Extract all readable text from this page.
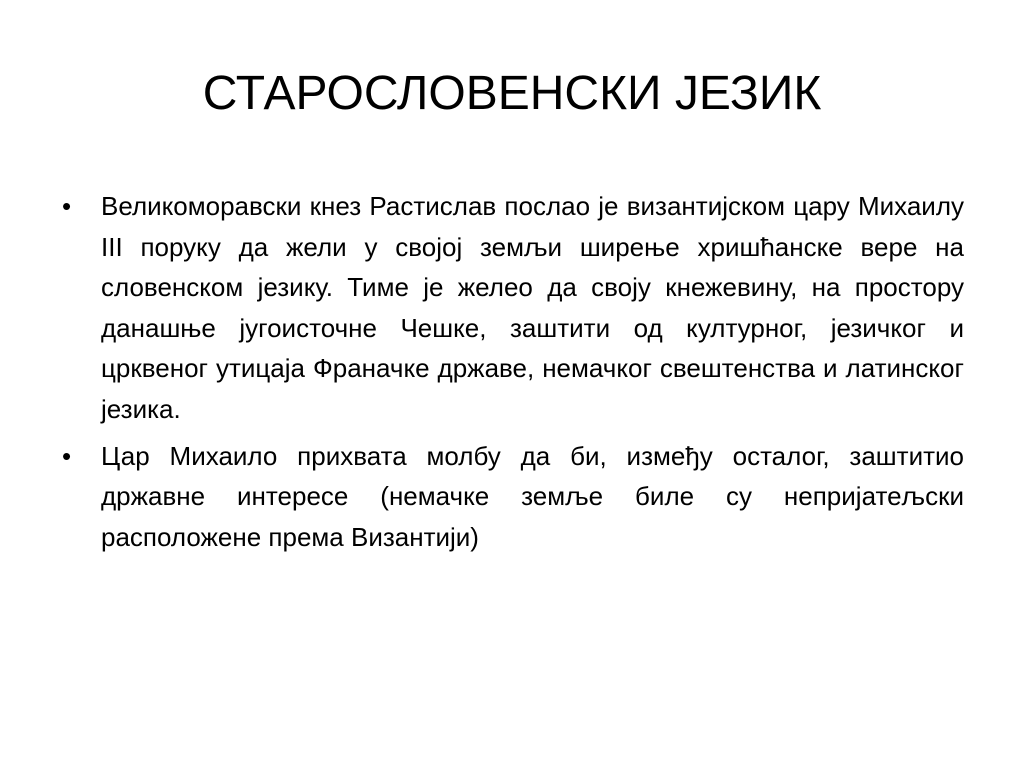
СТАРОСЛОВЕНСКИ ЈЕЗИК
• Великоморавски кнез Растислав послао је византијском цару Михаилу III поруку да жели у својој земљи ширење хришћанске вере на словенском језику. Тиме је желео да своју кнежевину, на простору данашње југоисточне Чешке, заштити од културног, језичког и црквеног утицаја Франачке државе, немачког свештенства и латинског језика.
• Цар Михаило прихвата молбу да би, између осталог, заштитио државне интересе (немачке земље биле су непријатељски расположене према Византији)
